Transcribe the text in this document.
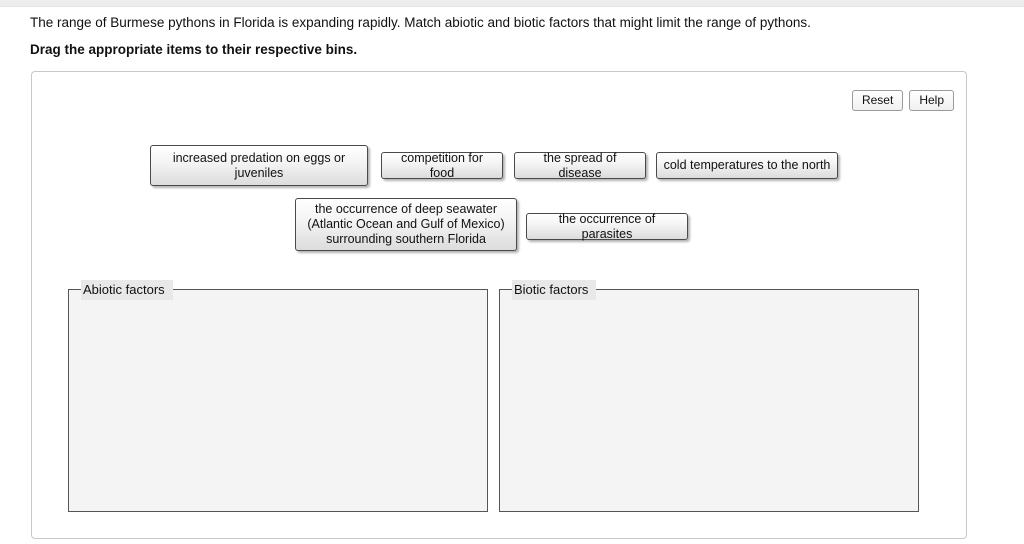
The range of Burmese pythons in Florida is expanding rapidly. Match abiotic and biotic factors that might limit the range of pythons.
Drag the appropriate items to their respective bins.
Reset	Help
increased predation on eggs or juveniles
competition for food
the spread of disease
cold temperatures to the north
the occurrence of deep seawater (Atlantic Ocean and Gulf of Mexico) surrounding southern Florida
the occurrence of parasites
Abiotic factors	Biotic factors
